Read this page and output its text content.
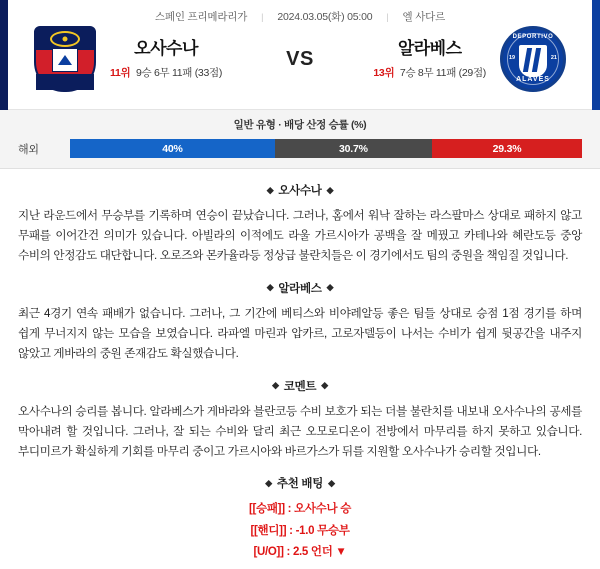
스페인 프리메라리가 | 2024.03.05(화) 05:00 | 엘 사다르
오사수나
11위 9승 6무 11패 (33점)
VS	알라베스
13위 7승 8무 11패 (29점)
DEPORTIVO
19	21
ALAVES
일반 유형 · 배당 산정 승률 (%)
해외	40%	30.7%	29.3%
◆ 오사수나 ◆
지난 라운드에서 무승부를 기록하며 연승이 끝났습니다. 그러나, 홈에서 워낙 잘하는 라스팔마스 상대로 패하지 않고 무패를 이어간건 의미가 있습니다. 아빌라의 이적에도 라울 가르시아가 공백을 잘 메꿨고 카테나와 혜란도등 중앙 수비의 안정감도 대단합니다. 오로즈와 몬카율라등 정상급 불란치들은 이 경기에서도 팀의 중원을 책임질 것입니다.
◆ 알라베스 ◆
최근 4경기 연속 패배가 없습니다. 그러나, 그 기간에 베티스와 비야레알등 좋은 팀들 상대로 승점 1점 경기를 하며 쉽게 무너지지 않는 모습을 보였습니다. 라파엘 마린과 압카르, 고로자델등이 나서는 수비가 쉽게 뒷공간을 내주지 않았고 게바라의 중원 존재감도 확실했습니다.
◆ 코멘트 ◆
오사수나의 승리를 봅니다. 알라베스가 게바라와 블란코등 수비 보호가 되는 더블 불란치를 내보내 오사수나의 공세를 막아내려 할 것입니다. 그러나, 잘 되는 수비와 달리 최근 오모로디온이 전방에서 마무리를 하지 못하고 있습니다. 부디미르가 확실하게 기회를 마무리 중이고 가르시아와 바르가스가 뒤를 지원할 오사수나가 승리할 것입니다.
◆ 추천 배팅 ◆
[[승패]] : 오사수나 승
[[핸디]] : -1.0 무승부
[U/O]] : 2.5 언더 ▼
